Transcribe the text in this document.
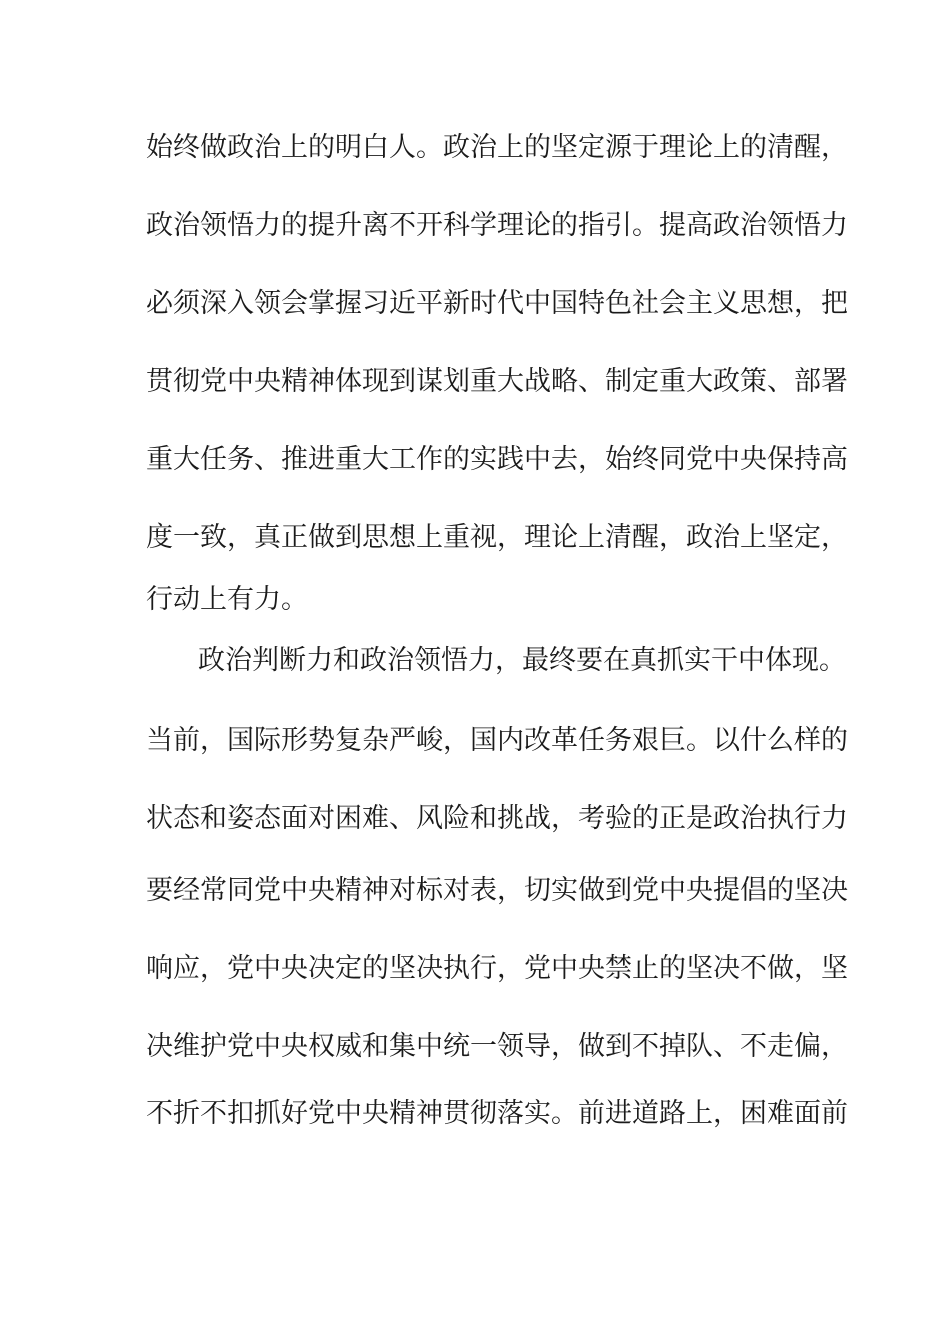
始终做政治上的明白人。政治上的坚定源于理论上的清醒，
政治领悟力的提升离不开科学理论的指引。提高政治领悟力
必须深入领会掌握习近平新时代中国特色社会主义思想，把
贯彻党中央精神体现到谋划重大战略、制定重大政策、部署
重大任务、推进重大工作的实践中去，始终同党中央保持高
度一致，真正做到思想上重视，理论上清醒，政治上坚定，
行动上有力。
政治判断力和政治领悟力，最终要在真抓实干中体现。
当前，国际形势复杂严峻，国内改革任务艰巨。以什么样的
状态和姿态面对困难、风险和挑战，考验的正是政治执行力
要经常同党中央精神对标对表，切实做到党中央提倡的坚决
响应，党中央决定的坚决执行，党中央禁止的坚决不做，坚
决维护党中央权威和集中统一领导，做到不掉队、不走偏，
不折不扣抓好党中央精神贯彻落实。前进道路上，困难面前
